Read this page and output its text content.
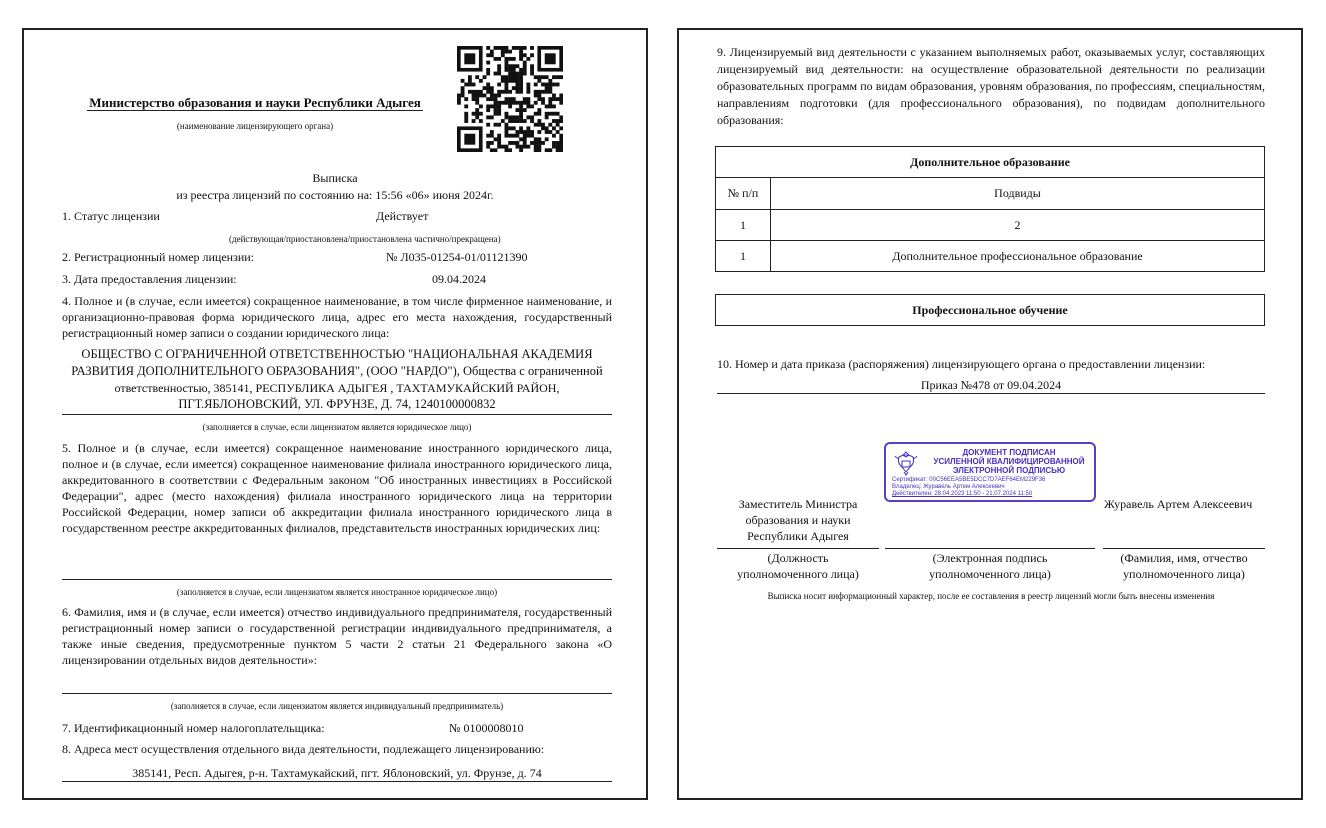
Министерство образования и науки Республики Адыгея
(наименование лицензирующего органа)
Выписка
из реестра лицензий по состоянию на: 15:56 «06» июня 2024г.
1. Статус лицензии	Действует
(действующая/приостановлена/приостановлена частично/прекращена)
2. Регистрационный номер лицензии:	№ Л035-01254-01/01121390
3. Дата предоставления лицензии:	09.04.2024
4. Полное и (в случае, если имеется) сокращенное наименование, в том числе фирменное наименование, и организационно-правовая форма юридического лица, адрес его места нахождения, государственный регистрационный номер записи о создании юридического лица:
ОБЩЕСТВО С ОГРАНИЧЕННОЙ ОТВЕТСТВЕННОСТЬЮ "НАЦИОНАЛЬНАЯ АКАДЕМИЯ
РАЗВИТИЯ ДОПОЛНИТЕЛЬНОГО ОБРАЗОВАНИЯ", (ООО "НАРДО"), Общества с ограниченной
ответственностью, 385141, РЕСПУБЛИКА АДЫГЕЯ , ТАХТАМУКАЙСКИЙ РАЙОН,
ПГТ.ЯБЛОНОВСКИЙ, УЛ. ФРУНЗЕ, Д. 74, 1240100000832
(заполняется в случае, если лицензиатом является юридическое лицо)
5. Полное и (в случае, если имеется) сокращенное наименование иностранного юридического лица, полное и (в случае, если имеется) сокращенное наименование филиала иностранного юридического лица, аккредитованного в соответствии с Федеральным законом "Об иностранных инвестициях в Российской Федерации", адрес (место нахождения) филиала иностранного юридического лица на территории Российской Федерации, номер записи об аккредитации филиала иностранного юридического лица в государственном реестре аккредитованных филиалов, представительств иностранных юридических лиц:
(заполняется в случае, если лицензиатом является иностранное юридическое лицо)
6. Фамилия, имя и (в случае, если имеется) отчество индивидуального предпринимателя, государственный регистрационный номер записи о государственной регистрации индивидуального предпринимателя, а также иные сведения, предусмотренные пунктом 5 части 2 статьи 21 Федерального закона «О лицензировании отдельных видов деятельности»:
(заполняется в случае, если лицензиатом является индивидуальный предприниматель)
7. Идентификационный номер налогоплательщика:	№ 0100008010
8. Адреса мест осуществления отдельного вида деятельности, подлежащего лицензированию:
385141, Респ. Адыгея, р-н. Тахтамукайский, пгт. Яблоновский, ул. Фрунзе, д. 74
9. Лицензируемый вид деятельности с указанием выполняемых работ, оказываемых услуг, составляющих лицензируемый вид деятельности: на осуществление образовательной деятельности по реализации образовательных программ по видам образования, уровням образования, по профессиям, специальностям, направлениям подготовки (для профессионального образования), по подвидам дополнительного образования:
Дополнительное образование	
№ п/п	Подвиды
1	2
1	Дополнительное профессиональное образование
Профессиональное обучение
10. Номер и дата приказа (распоряжения) лицензирующего органа о предоставлении лицензии:
Приказ №478 от 09.04.2024
Заместитель Министра
образования и науки
Республики Адыгея
ДОКУМЕНТ ПОДПИСАН
УСИЛЕННОЙ КВАЛИФИЦИРОВАННОЙ
ЭЛЕКТРОННОЙ ПОДПИСЬЮ
Сертификат: 00C56EEA5BE5DCC7D7AEF64EM229F36
Владелец: Журавель Артем Алексеевич
Действителен: 28.04.2023 11:50 - 21.07.2024 11:50
Журавель Артем Алексеевич
(Должность
уполномоченного лица)
(Электронная подпись
уполномоченного лица)
(Фамилия, имя, отчество
уполномоченного лица)
Выписка носит информационный характер, после ее составления в реестр лицензий могли быть внесены изменения
